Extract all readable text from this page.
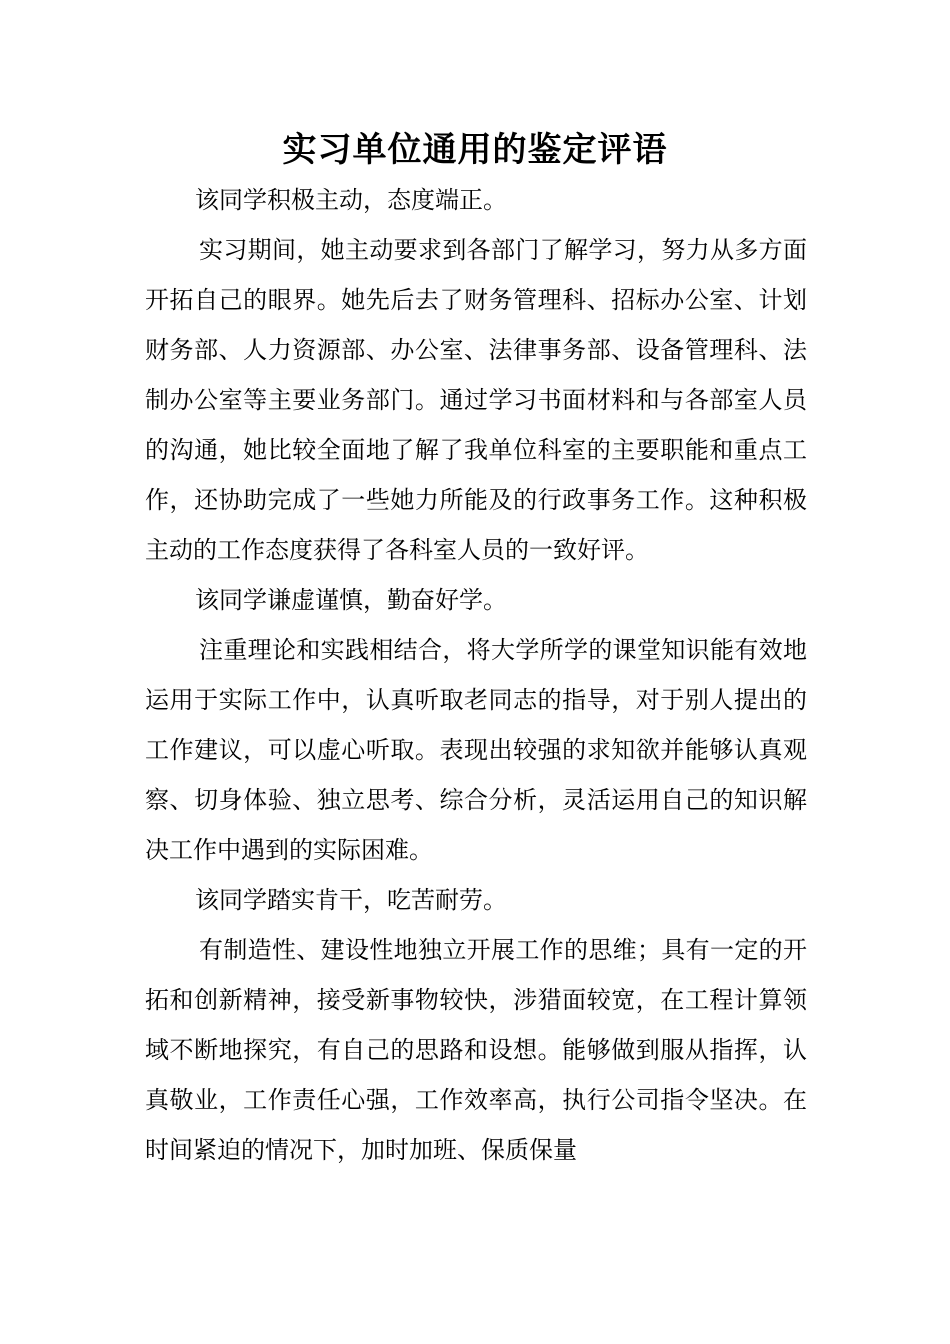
实习单位通用的鉴定评语

该同学积极主动，态度端正。

实习期间，她主动要求到各部门了解学习，努力从多方面开拓自己的眼界。她先后去了财务管理科、招标办公室、计划财务部、人力资源部、办公室、法律事务部、设备管理科、法制办公室等主要业务部门。通过学习书面材料和与各部室人员的沟通，她比较全面地了解了我单位科室的主要职能和重点工作，还协助完成了一些她力所能及的行政事务工作。这种积极主动的工作态度获得了各科室人员的一致好评。

该同学谦虚谨慎，勤奋好学。

注重理论和实践相结合，将大学所学的课堂知识能有效地运用于实际工作中，认真听取老同志的指导，对于别人提出的工作建议，可以虚心听取。表现出较强的求知欲并能够认真观察、切身体验、独立思考、综合分析，灵活运用自己的知识解决工作中遇到的实际困难。

该同学踏实肯干，吃苦耐劳。

有制造性、建设性地独立开展工作的思维；具有一定的开拓和创新精神，接受新事物较快，涉猎面较宽，在工程计算领域不断地探究，有自己的思路和设想。能够做到服从指挥，认真敬业，工作责任心强，工作效率高，执行公司指令坚决。在时间紧迫的情况下，加时加班、保质保量
